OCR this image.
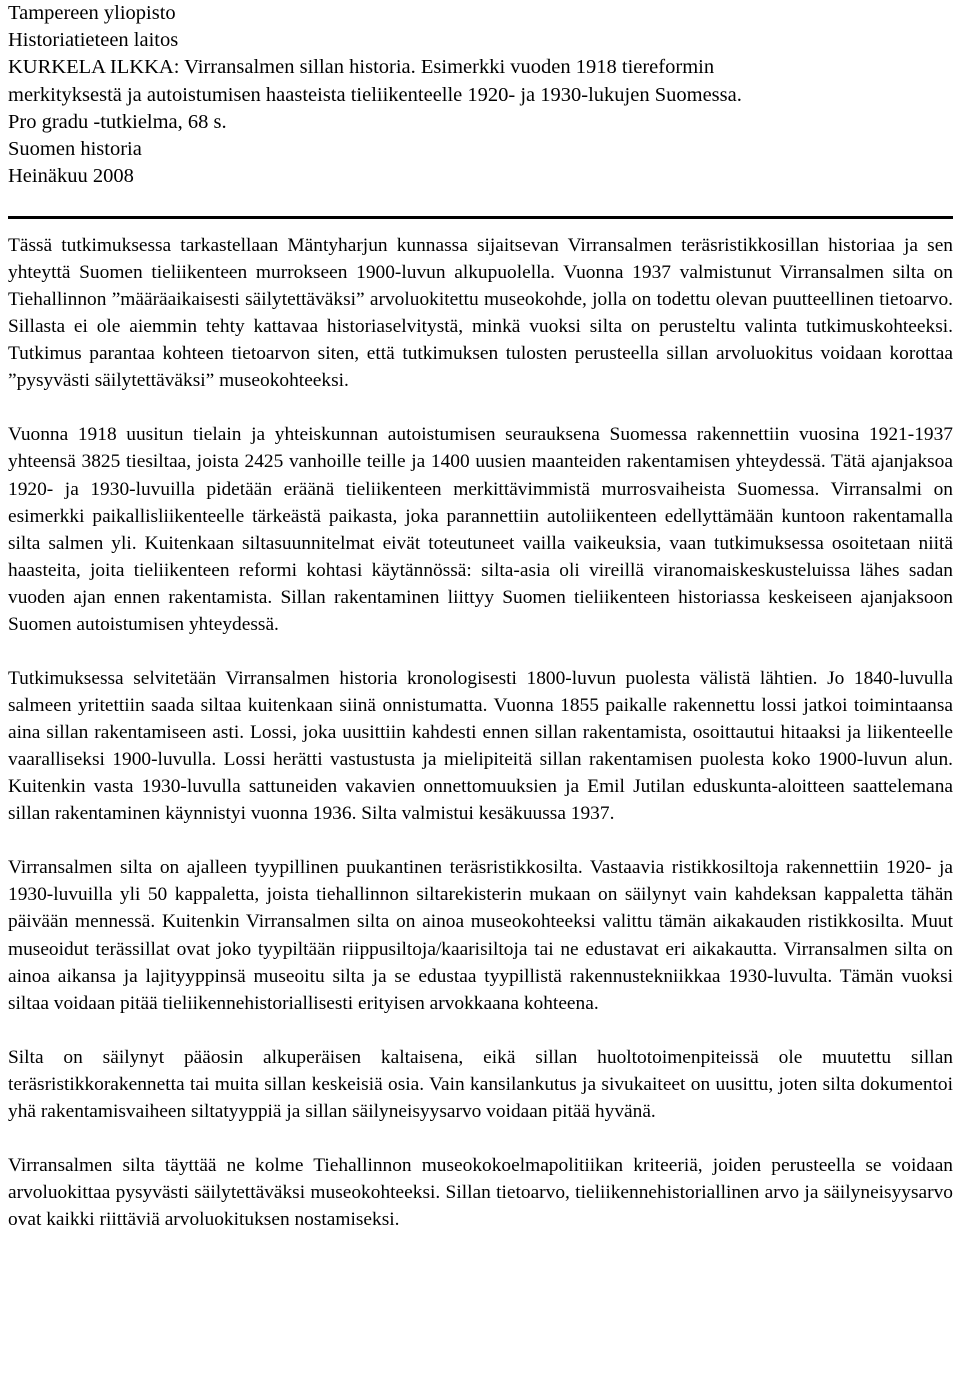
Tampereen yliopisto
Historiatieteen laitos
KURKELA ILKKA: Virransalmen sillan historia. Esimerkki vuoden 1918 tiereformin
merkityksestä ja autoistumisen haasteista tieliikenteelle 1920- ja 1930-lukujen Suomessa.
Pro gradu -tutkielma, 68 s.
Suomen historia
Heinäkuu 2008

Tässä tutkimuksessa tarkastellaan Mäntyharjun kunnassa sijaitsevan Virransalmen teräsristikkosillan historiaa ja sen yhteyttä Suomen tieliikenteen murrokseen 1900-luvun alkupuolella. Vuonna 1937 valmistunut Virransalmen silta on Tiehallinnon ”määräaikaisesti säilytettäväksi” arvoluokitettu museokohde, jolla on todettu olevan puutteellinen tietoarvo. Sillasta ei ole aiemmin tehty kattavaa historiaselvitystä, minkä vuoksi silta on perusteltu valinta tutkimuskohteeksi. Tutkimus parantaa kohteen tietoarvon siten, että tutkimuksen tulosten perusteella sillan arvoluokitus voidaan korottaa ”pysyvästi säilytettäväksi” museokohteeksi.

Vuonna 1918 uusitun tielain ja yhteiskunnan autoistumisen seurauksena Suomessa rakennettiin vuosina 1921-1937 yhteensä 3825 tiesiltaa, joista 2425 vanhoille teille ja 1400 uusien maanteiden rakentamisen yhteydessä. Tätä ajanjaksoa 1920- ja 1930-luvuilla pidetään eräänä tieliikenteen merkittävimmistä murrosvaiheista Suomessa. Virransalmi on esimerkki paikallisliikenteelle tärkeästä paikasta, joka parannettiin autoliikenteen edellyttämään kuntoon rakentamalla silta salmen yli. Kuitenkaan siltasuunnitelmat eivät toteutuneet vailla vaikeuksia, vaan tutkimuksessa osoitetaan niitä haasteita, joita tieliikenteen reformi kohtasi käytännössä: silta-asia oli vireillä viranomaiskeskusteluissa lähes sadan vuoden ajan ennen rakentamista. Sillan rakentaminen liittyy Suomen tieliikenteen historiassa keskeiseen ajanjaksoon Suomen autoistumisen yhteydessä.

Tutkimuksessa selvitetään Virransalmen historia kronologisesti 1800-luvun puolesta välistä lähtien. Jo 1840-luvulla salmeen yritettiin saada siltaa kuitenkaan siinä onnistumatta. Vuonna 1855 paikalle rakennettu lossi jatkoi toimintaansa aina sillan rakentamiseen asti. Lossi, joka uusittiin kahdesti ennen sillan rakentamista, osoittautui hitaaksi ja liikenteelle vaaralliseksi 1900-luvulla. Lossi herätti vastustusta ja mielipiteitä sillan rakentamisen puolesta koko 1900-luvun alun. Kuitenkin vasta 1930-luvulla sattuneiden vakavien onnettomuuksien ja Emil Jutilan eduskunta-aloitteen saattelemana sillan rakentaminen käynnistyi vuonna 1936. Silta valmistui kesäkuussa 1937.

Virransalmen silta on ajalleen tyypillinen puukantinen teräsristikkosilta. Vastaavia ristikkosiltoja rakennettiin 1920- ja 1930-luvuilla yli 50 kappaletta, joista tiehallinnon siltarekisterin mukaan on säilynyt vain kahdeksan kappaletta tähän päivään mennessä. Kuitenkin Virransalmen silta on ainoa museokohteeksi valittu tämän aikakauden ristikkosilta. Muut museoidut terässillat ovat joko tyypiltään riippusiltoja/kaarisiltoja tai ne edustavat eri aikakautta. Virransalmen silta on ainoa aikansa ja lajityyppinsä museoitu silta ja se edustaa tyypillistä rakennustekniikkaa 1930-luvulta. Tämän vuoksi siltaa voidaan pitää tieliikennehistoriallisesti erityisen arvokkaana kohteena.

Silta on säilynyt pääosin alkuperäisen kaltaisena, eikä sillan huoltotoimenpiteissä ole muutettu sillan teräsristikkorakennetta tai muita sillan keskeisiä osia. Vain kansilankutus ja sivukaiteet on uusittu, joten silta dokumentoi yhä rakentamisvaiheen siltatyyppiä ja sillan säilyneisyysarvo voidaan pitää hyvänä.

Virransalmen silta täyttää ne kolme Tiehallinnon museokokoelmapolitiikan kriteeriä, joiden perusteella se voidaan arvoluokittaa pysyvästi säilytettäväksi museokohteeksi. Sillan tietoarvo, tieliikennehistoriallinen arvo ja säilyneisyysarvo ovat kaikki riittäviä arvoluokituksen nostamiseksi.
